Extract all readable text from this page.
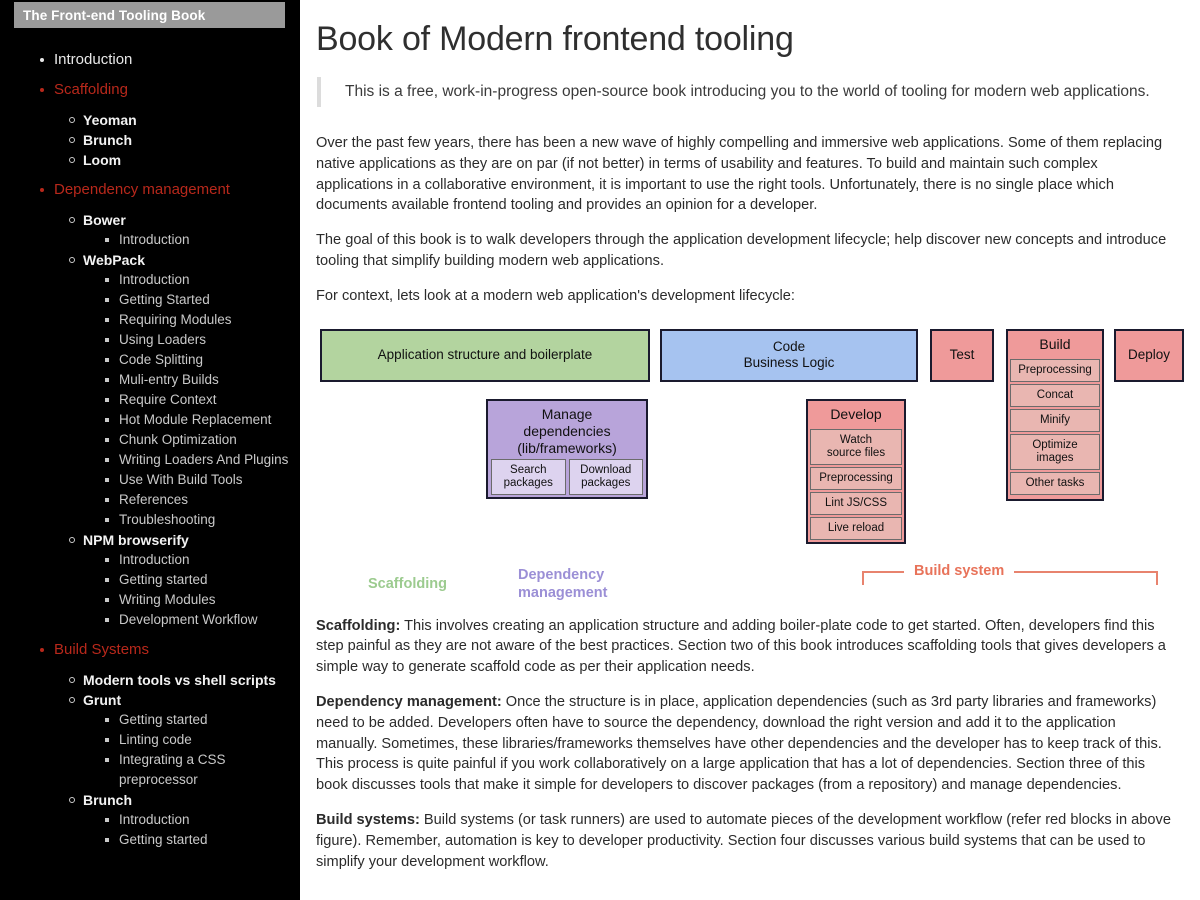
The Front-end Tooling Book
Introduction
Scaffolding
Yeoman
Brunch
Loom
Dependency management
Bower
Introduction
WebPack
Introduction
Getting Started
Requiring Modules
Using Loaders
Code Splitting
Muli-entry Builds
Require Context
Hot Module Replacement
Chunk Optimization
Writing Loaders And Plugins
Use With Build Tools
References
Troubleshooting
NPM browserify
Introduction
Getting started
Writing Modules
Development Workflow
Build Systems
Modern tools vs shell scripts
Grunt
Getting started
Linting code
Integrating a CSS preprocessor
Brunch
Introduction
Getting started
Book of Modern frontend tooling
This is a free, work-in-progress open-source book introducing you to the world of tooling for modern web applications.

Over the past few years, there has been a new wave of highly compelling and immersive web applications. Some of them replacing native applications as they are on par (if not better) in terms of usability and features. To build and maintain such complex applications in a collaborative environment, it is important to use the right tools. Unfortunately, there is no single place which documents available frontend tooling and provides an opinion for a developer.

The goal of this book is to walk developers through the application development lifecycle; help discover new concepts and introduce tooling that simplify building modern web applications.

For context, lets look at a modern web application's development lifecycle:

Application structure and boilerplate
Code
Business Logic
Test
Build
Preprocessing
Concat
Minify
Optimize
images
Other tasks
Deploy
Manage
dependencies
(lib/frameworks)
Search
packages
Download
packages
Develop
Watch
source files
Preprocessing
Lint JS/CSS
Live reload
Scaffolding
Dependency
management
Build system

Scaffolding: This involves creating an application structure and adding boiler-plate code to get started. Often, developers find this step painful as they are not aware of the best practices. Section two of this book introduces scaffolding tools that gives developers a simple way to generate scaffold code as per their application needs.

Dependency management: Once the structure is in place, application dependencies (such as 3rd party libraries and frameworks) need to be added. Developers often have to source the dependency, download the right version and add it to the application manually. Sometimes, these libraries/frameworks themselves have other dependencies and the developer has to keep track of this. This process is quite painful if you work collaboratively on a large application that has a lot of dependencies. Section three of this book discusses tools that make it simple for developers to discover packages (from a repository) and manage dependencies.

Build systems: Build systems (or task runners) are used to automate pieces of the development workflow (refer red blocks in above figure). Remember, automation is key to developer productivity. Section four discusses various build systems that can be used to simplify your development workflow.
